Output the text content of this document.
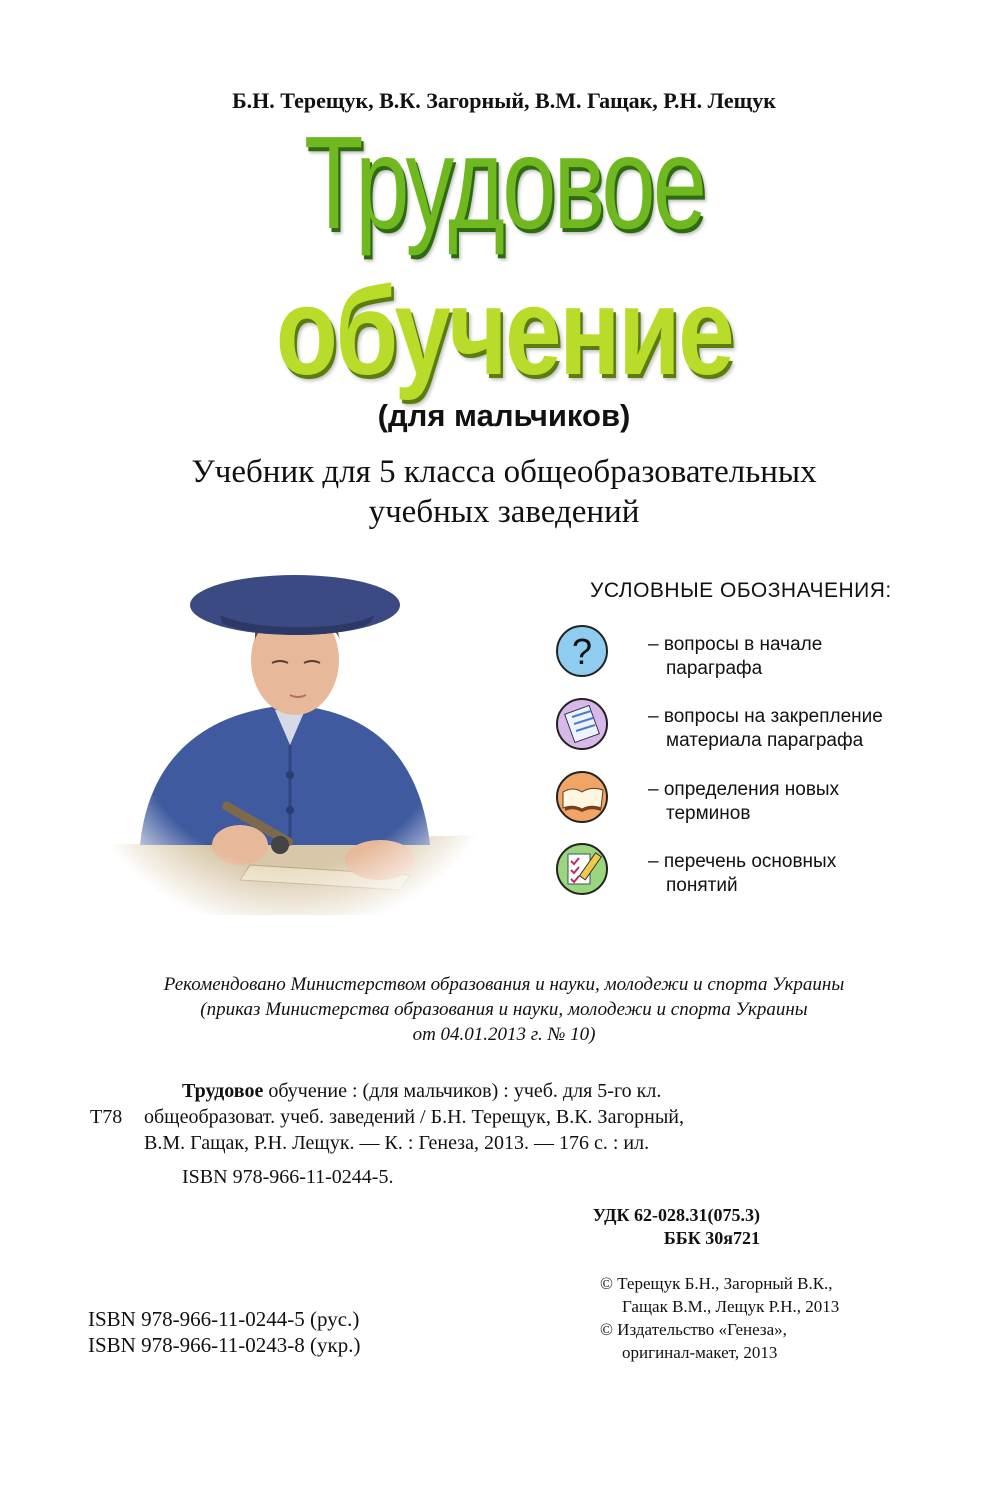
Б.Н. Терещук, В.К. Загорный, В.М. Гащак, Р.Н. Лещук
Трудовое
обучение
(для мальчиков)
Учебник для 5 класса общеобразовательных
учебных заведений
УСЛОВНЫЕ ОБОЗНАЧЕНИЯ:
?	– вопросы в начале
параграфа
– вопросы на закрепление
материала параграфа
– определения новых
терминов
– перечень основных
понятий
Рекомендовано Министерством образования и науки, молодежи и спорта Украины
(приказ Министерства образования и науки, молодежи и спорта Украины
от 04.01.2013 г. № 10)
Трудовое обучение : (для мальчиков) : учеб. для 5-го кл.
Т78 общеобразоват. учеб. заведений / Б.Н. Терещук, В.К. Загорный,
В.М. Гащак, Р.Н. Лещук. — К. : Генеза, 2013. — 176 с. : ил.
ISBN 978-966-11-0244-5.
УДК 62-028.31(075.3)
ББК 30я721
ISBN 978-966-11-0244-5 (рус.)
ISBN 978-966-11-0243-8 (укр.)
© Терещук Б.Н., Загорный В.К.,
Гащак В.М., Лещук Р.Н., 2013
© Издательство «Генеза»,
оригинал-макет, 2013
